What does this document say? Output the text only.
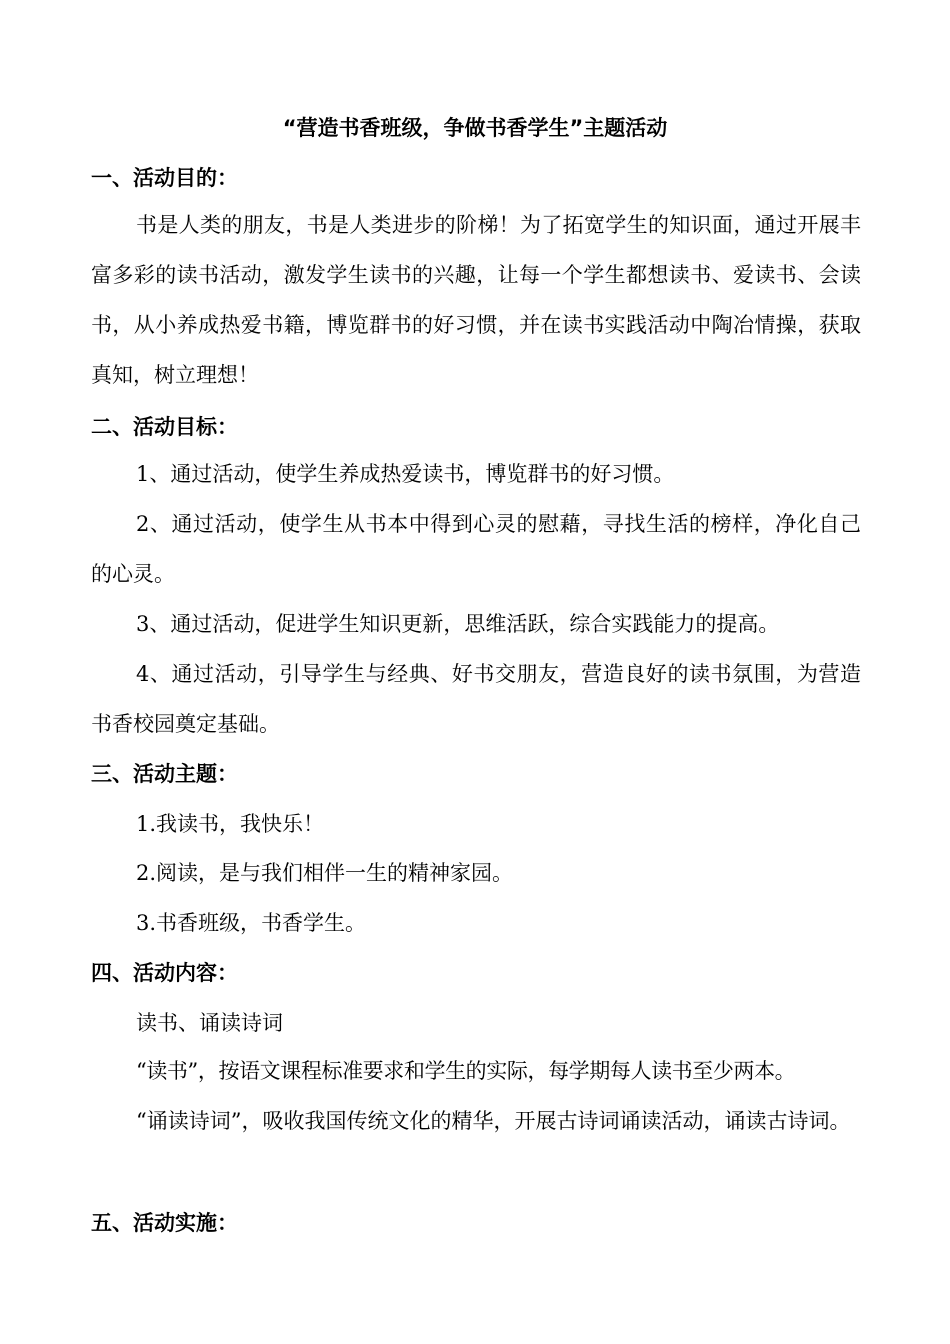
“营造书香班级，争做书香学生”主题活动
一、活动目的：

书是人类的朋友，书是人类进步的阶梯！为了拓宽学生的知识面，通过开展丰富多彩的读书活动，激发学生读书的兴趣，让每一个学生都想读书、爱读书、会读书，从小养成热爱书籍，博览群书的好习惯，并在读书实践活动中陶冶情操，获取真知，树立理想！

二、活动目标：

1、通过活动，使学生养成热爱读书，博览群书的好习惯。

2、通过活动，使学生从书本中得到心灵的慰藉，寻找生活的榜样，净化自己的心灵。

3、通过活动，促进学生知识更新，思维活跃，综合实践能力的提高。

4、通过活动，引导学生与经典、好书交朋友，营造良好的读书氛围，为营造书香校园奠定基础。

三、活动主题：
1.我读书，我快乐！
2.阅读，是与我们相伴一生的精神家园。
3.书香班级，书香学生。
四、活动内容：
读书、诵读诗词

“读书”，按语文课程标准要求和学生的实际，每学期每人读书至少两本。

“诵读诗词”，吸收我国传统文化的精华，开展古诗词诵读活动，诵读古诗词。

五、活动实施：
